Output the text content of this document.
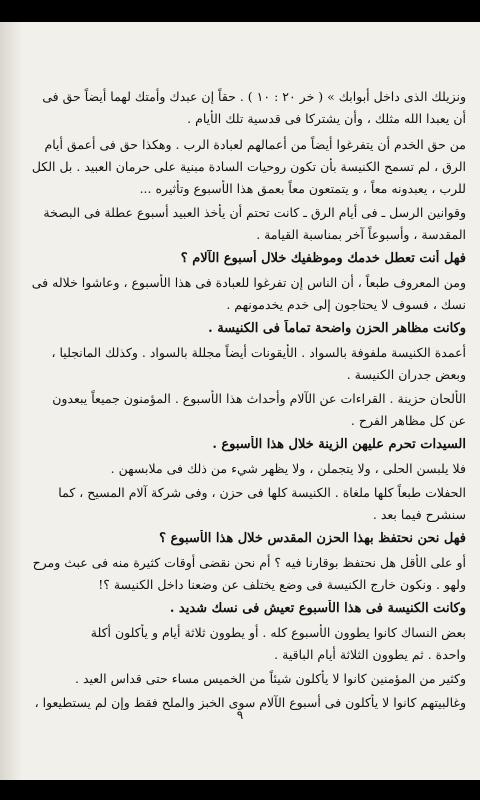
ونزيلك الذى داخل أبوابك » ( خر ٢٠ : ١٠ ) . حقاً إن عبدك وأمتك لهما أيضاً حق فى
أن يعبدا الله مثلك ، وأن يشتركا فى قدسية تلك الأيام .
من حق الخدم أن يتفرغوا أيضاً من أعمالهم لعبادة الرب . وهكذا حق فى أعمق أيام
الرق ، لم تسمح الكنيسة بأن تكون روحيات السادة مبنية على حرمان العبيد . بل الكل
للرب ، يعبدونه معاً ، و يتمتعون معاً بعمق هذا الأسبوع وتأثيره ...
وقوانين الرسل ـ فى أيام الرق ـ كانت تحتم أن يأخذ العبيد أسبوع عطلة فى البصخة
المقدسة ، وأسبوعاً آخر بمناسبة القيامة .
فهل أنت تعطل خدمك وموظفيك خلال أسبوع الآلام ؟
ومن المعروف طبعاً ، أن الناس إن تفرغوا للعبادة فى هذا الأسبوع ، وعاشوا خلاله فى
نسك ، فسوف لا يحتاجون إلى خدم يخدمونهم .
وكانت مظاهر الحزن واضحة تماماً فى الكنيسة .
أعمدة الكنيسة ملفوفة بالسواد . الأيقونات أيضاً مجللة بالسواد . وكذلك المانجليا ،
وبعض جدران الكنيسة .
الألحان حزينة . القراءات عن الآلام وأحداث هذا الأسبوع . المؤمنون جميعاً يبعدون
عن كل مظاهر الفرح .
السيدات تحرم عليهن الزينة خلال هذا الأسبوع .
فلا يلبسن الحلى ، ولا يتجملن ، ولا يظهر شيء من ذلك فى ملابسهن .
الحفلات طبعاً كلها ملغاة . الكنيسة كلها فى حزن ، وفى شركة آلام المسيح ، كما
سنشرح فيما بعد .
فهل نحن نحتفظ بهذا الحزن المقدس خلال هذا الأسبوع ؟
أو على الأقل هل نحتفظ بوقارنا فيه ؟ أم نحن نقضى أوقات كثيرة منه فى عبث ومرح
ولهو . ونكون خارج الكنيسة فى وضع يختلف عن وضعنا داخل الكنيسة ؟!
وكانت الكنيسة فى هذا الأسبوع تعيش فى نسك شديد .
بعض النساك كانوا يطوون الأسبوع كله . أو يطوون ثلاثة أيام و يأكلون أكلة
واحدة . ثم يطوون الثلاثة أيام الباقية .
وكثير من المؤمنين كانوا لا يأكلون شيئاً من الخميس مساء حتى قداس العيد .
وغالبيتهم كانوا لا يأكلون فى أسبوع الآلام سوى الخبز والملح فقط وإن لم يستطيعوا ،
٩
